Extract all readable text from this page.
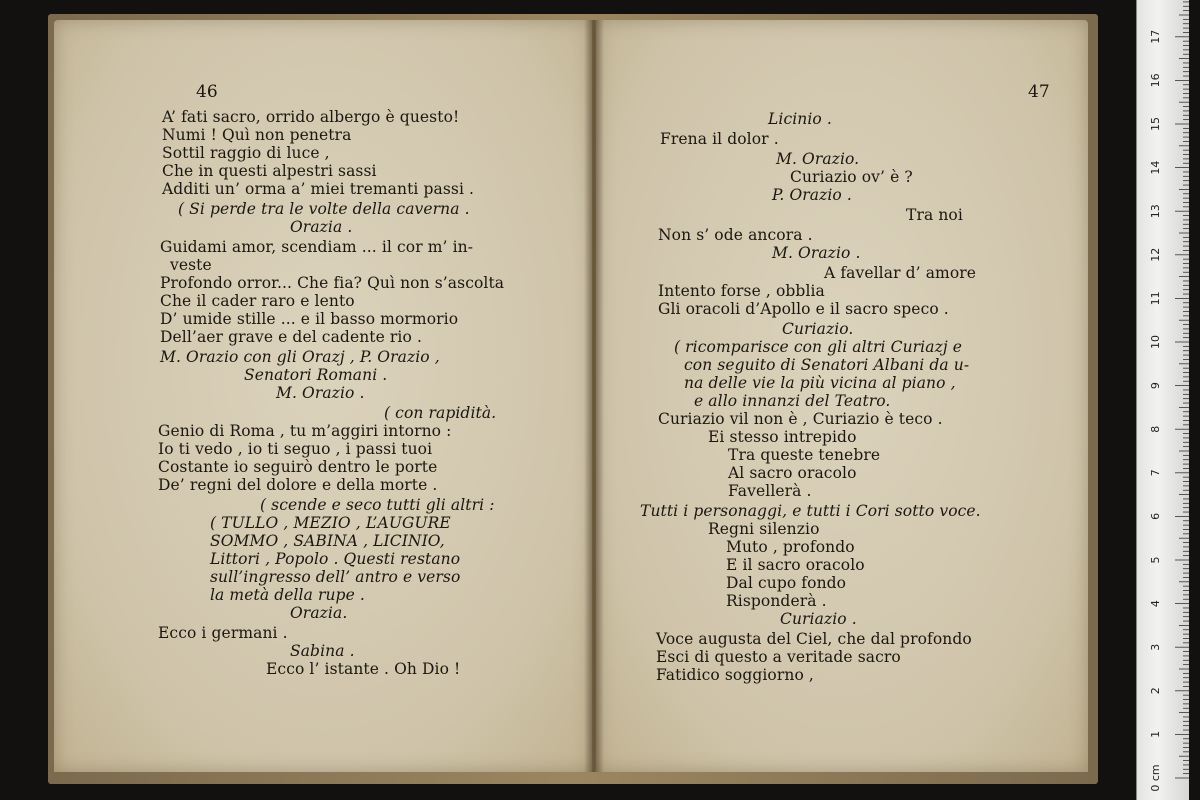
46
A’ fati sacro, orrido albergo è questo!
Numi ! Quì non penetra
Sottil raggio di luce ,
Che in questi alpestri sassi
Additi un’ orma a’ miei tremanti passi .
( Si perde tra le volte della caverna .
Orazia .
Guidami amor, scendiam ... il cor m’ in-
veste
Profondo orror... Che fia? Quì non s’ascolta
Che il cader raro e lento
D’ umide stille ... e il basso mormorio
Dell’aer grave e del cadente rio .
M. Orazio con gli Orazj , P. Orazio ,
Senatori Romani .
M. Orazio .
( con rapidità.
Genio di Roma , tu m’aggiri intorno :
Io ti vedo , io ti seguo , i passi tuoi
Costante io seguirò dentro le porte
De’ regni del dolore e della morte .
( scende e seco tutti gli altri :
( TULLO , MEZIO , L’AUGURE
SOMMO , SABINA , LICINIO,
Littori , Popolo . Questi restano
sull’ingresso dell’ antro e verso
la metà della rupe .
Orazia.
Ecco i germani .
Sabina .
Ecco l’ istante . Oh Dio !
47
Licinio .
Frena il dolor .
M. Orazio.
Curiazio ov’ è ?
P. Orazio .
Tra noi
Non s’ ode ancora .
M. Orazio .
A favellar d’ amore
Intento forse , obblia
Gli oracoli d’Apollo e il sacro speco .
Curiazio.
( ricomparisce con gli altri Curiazj e
con seguito di Senatori Albani da u-
na delle vie la più vicina al piano ,
e allo innanzi del Teatro.
Curiazio vil non è , Curiazio è teco .
Ei stesso intrepido
Tra queste tenebre
Al sacro oracolo
Favellerà .
Tutti i personaggi, e tutti i Cori sotto voce.
Regni silenzio
Muto , profondo
E il sacro oracolo
Dal cupo fondo
Risponderà .
Curiazio .
Voce augusta del Ciel, che dal profondo
Esci di questo a veritade sacro
Fatidico soggiorno ,
0 cm
1
2
3
4
5
6
7
8
9
10
11
12
13
14
15
16
17
